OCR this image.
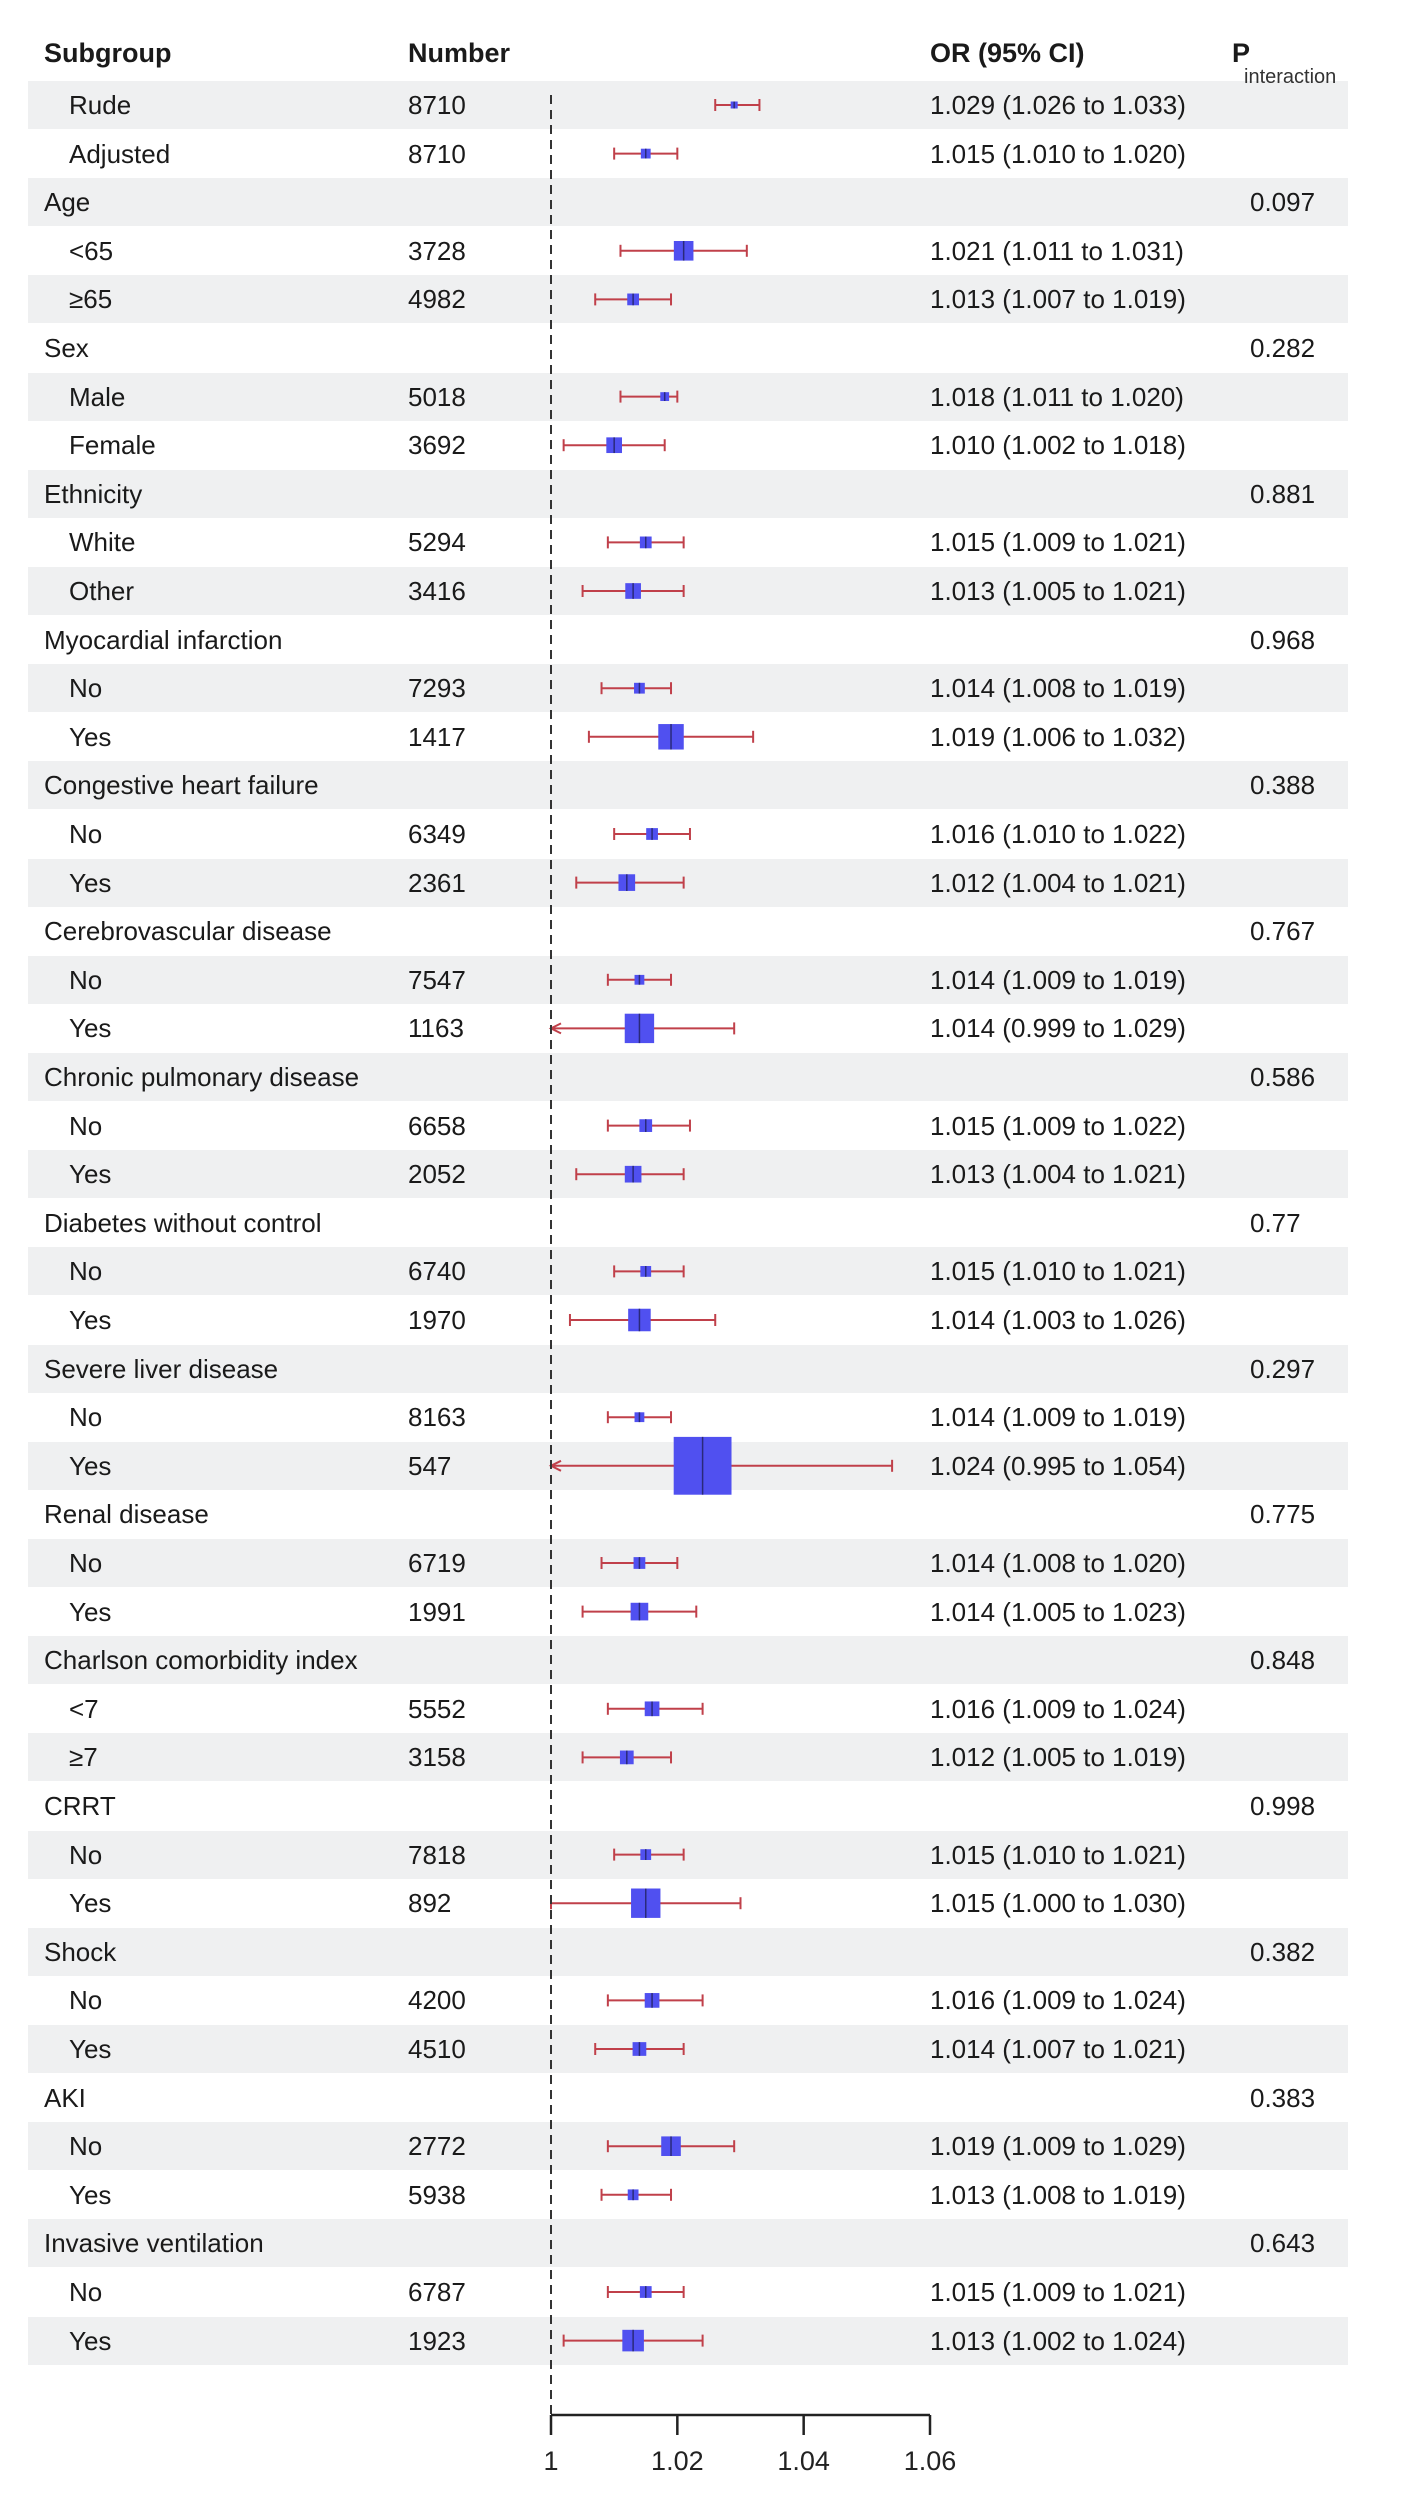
Subgroup	Number	OR (95% CI)	P
interaction
Rude	8710	1.029 (1.026 to 1.033)
Adjusted	8710	1.015 (1.010 to 1.020)
Age	0.097
<65	3728	1.021 (1.011 to 1.031)
≥65	4982	1.013 (1.007 to 1.019)
Sex	0.282
Male	5018	1.018 (1.011 to 1.020)
Female	3692	1.010 (1.002 to 1.018)
Ethnicity	0.881
White	5294	1.015 (1.009 to 1.021)
Other	3416	1.013 (1.005 to 1.021)
Myocardial infarction	0.968
No	7293	1.014 (1.008 to 1.019)
Yes	1417	1.019 (1.006 to 1.032)
Congestive heart failure	0.388
No	6349	1.016 (1.010 to 1.022)
Yes	2361	1.012 (1.004 to 1.021)
Cerebrovascular disease	0.767
No	7547	1.014 (1.009 to 1.019)
Yes	1163	1.014 (0.999 to 1.029)
Chronic pulmonary disease	0.586
No	6658	1.015 (1.009 to 1.022)
Yes	2052	1.013 (1.004 to 1.021)
Diabetes without control	0.77
No	6740	1.015 (1.010 to 1.021)
Yes	1970	1.014 (1.003 to 1.026)
Severe liver disease	0.297
No	8163	1.014 (1.009 to 1.019)
Yes	547	1.024 (0.995 to 1.054)
Renal disease	0.775
No	6719	1.014 (1.008 to 1.020)
Yes	1991	1.014 (1.005 to 1.023)
Charlson comorbidity index	0.848
<7	5552	1.016 (1.009 to 1.024)
≥7	3158	1.012 (1.005 to 1.019)
CRRT	0.998
No	7818	1.015 (1.010 to 1.021)
Yes	892	1.015 (1.000 to 1.030)
Shock	0.382
No	4200	1.016 (1.009 to 1.024)
Yes	4510	1.014 (1.007 to 1.021)
AKI	0.383
No	2772	1.019 (1.009 to 1.029)
Yes	5938	1.013 (1.008 to 1.019)
Invasive ventilation	0.643
No	6787	1.015 (1.009 to 1.021)
Yes	1923	1.013 (1.002 to 1.024)
1	1.02	1.04	1.06
